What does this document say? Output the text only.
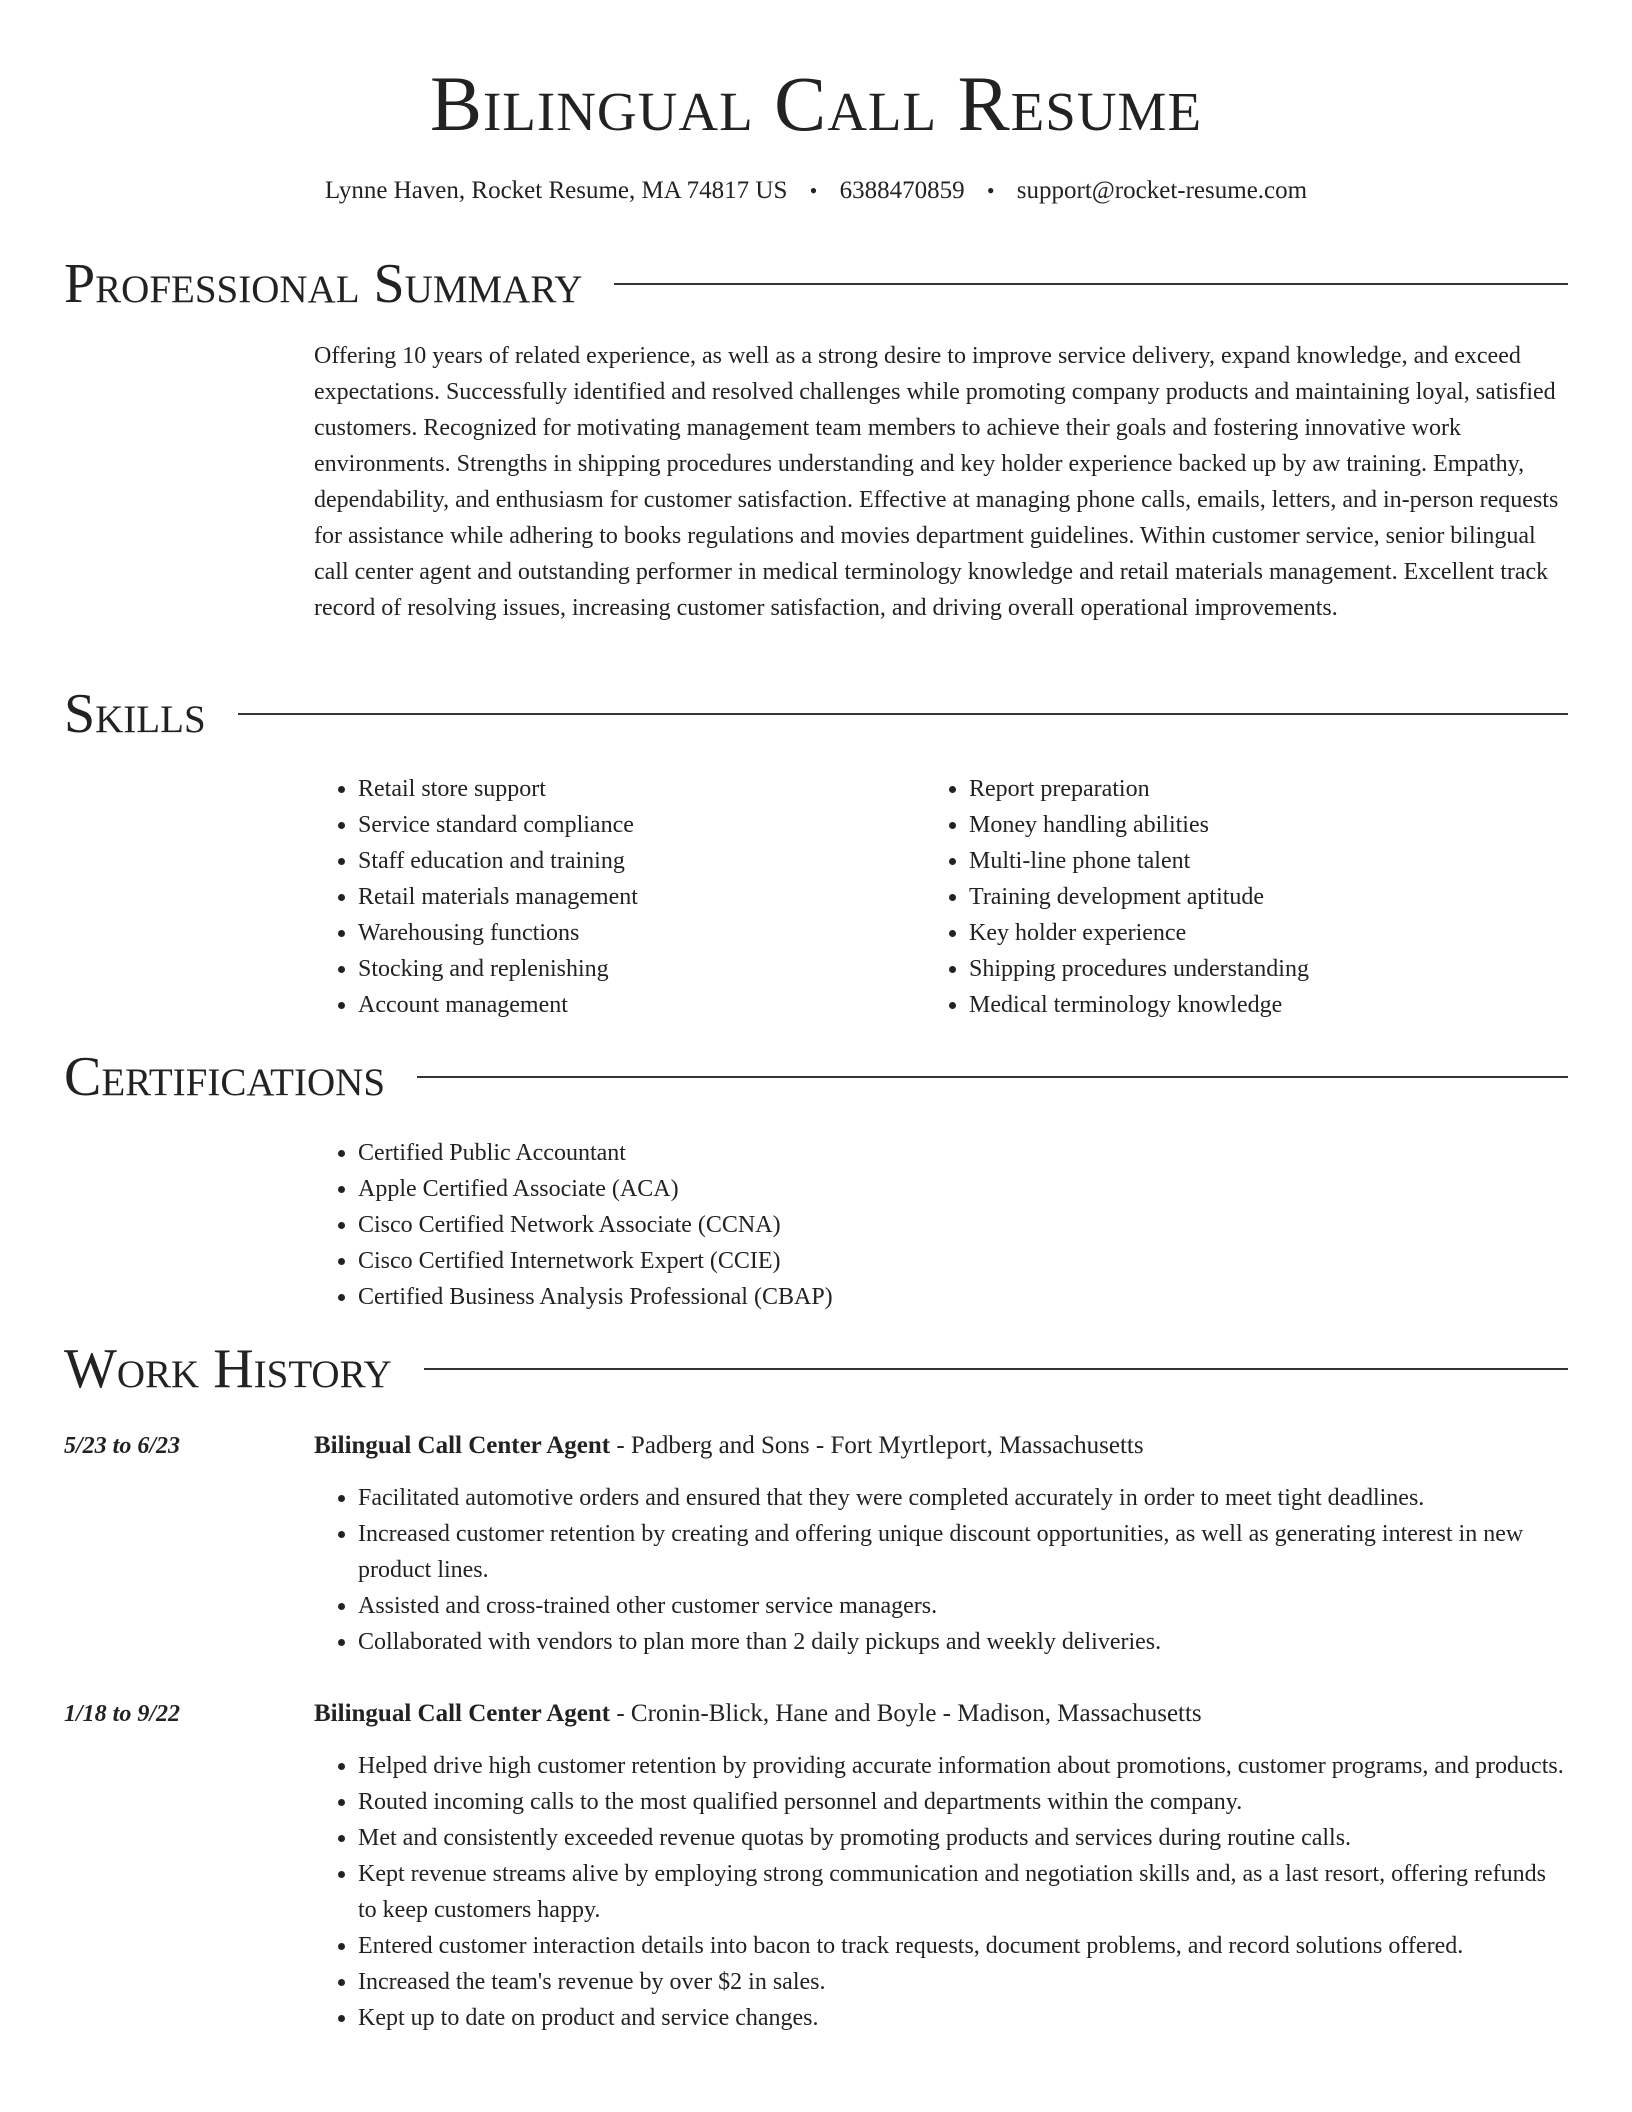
Bilingual Call Resume
Lynne Haven, Rocket Resume, MA 74817 US • 6388470859 • support@rocket-resume.com
Professional Summary
Offering 10 years of related experience, as well as a strong desire to improve service delivery, expand knowledge, and exceed expectations. Successfully identified and resolved challenges while promoting company products and maintaining loyal, satisfied customers. Recognized for motivating management team members to achieve their goals and fostering innovative work environments. Strengths in shipping procedures understanding and key holder experience backed up by aw training. Empathy, dependability, and enthusiasm for customer satisfaction. Effective at managing phone calls, emails, letters, and in-person requests for assistance while adhering to books regulations and movies department guidelines. Within customer service, senior bilingual call center agent and outstanding performer in medical terminology knowledge and retail materials management. Excellent track record of resolving issues, increasing customer satisfaction, and driving overall operational improvements.
Skills
• Retail store support
• Service standard compliance
• Staff education and training
• Retail materials management
• Warehousing functions
• Stocking and replenishing
• Account management
• Report preparation
• Money handling abilities
• Multi-line phone talent
• Training development aptitude
• Key holder experience
• Shipping procedures understanding
• Medical terminology knowledge
Certifications
• Certified Public Accountant
• Apple Certified Associate (ACA)
• Cisco Certified Network Associate (CCNA)
• Cisco Certified Internetwork Expert (CCIE)
• Certified Business Analysis Professional (CBAP)
Work History
5/23 to 6/23	Bilingual Call Center Agent - Padberg and Sons - Fort Myrtleport, Massachusetts
• Facilitated automotive orders and ensured that they were completed accurately in order to meet tight deadlines.
• Increased customer retention by creating and offering unique discount opportunities, as well as generating interest in new product lines.
• Assisted and cross-trained other customer service managers.
• Collaborated with vendors to plan more than 2 daily pickups and weekly deliveries.
1/18 to 9/22	Bilingual Call Center Agent - Cronin-Blick, Hane and Boyle - Madison, Massachusetts
• Helped drive high customer retention by providing accurate information about promotions, customer programs, and products.
• Routed incoming calls to the most qualified personnel and departments within the company.
• Met and consistently exceeded revenue quotas by promoting products and services during routine calls.
• Kept revenue streams alive by employing strong communication and negotiation skills and, as a last resort, offering refunds to keep customers happy.
• Entered customer interaction details into bacon to track requests, document problems, and record solutions offered.
• Increased the team's revenue by over $2 in sales.
• Kept up to date on product and service changes.
